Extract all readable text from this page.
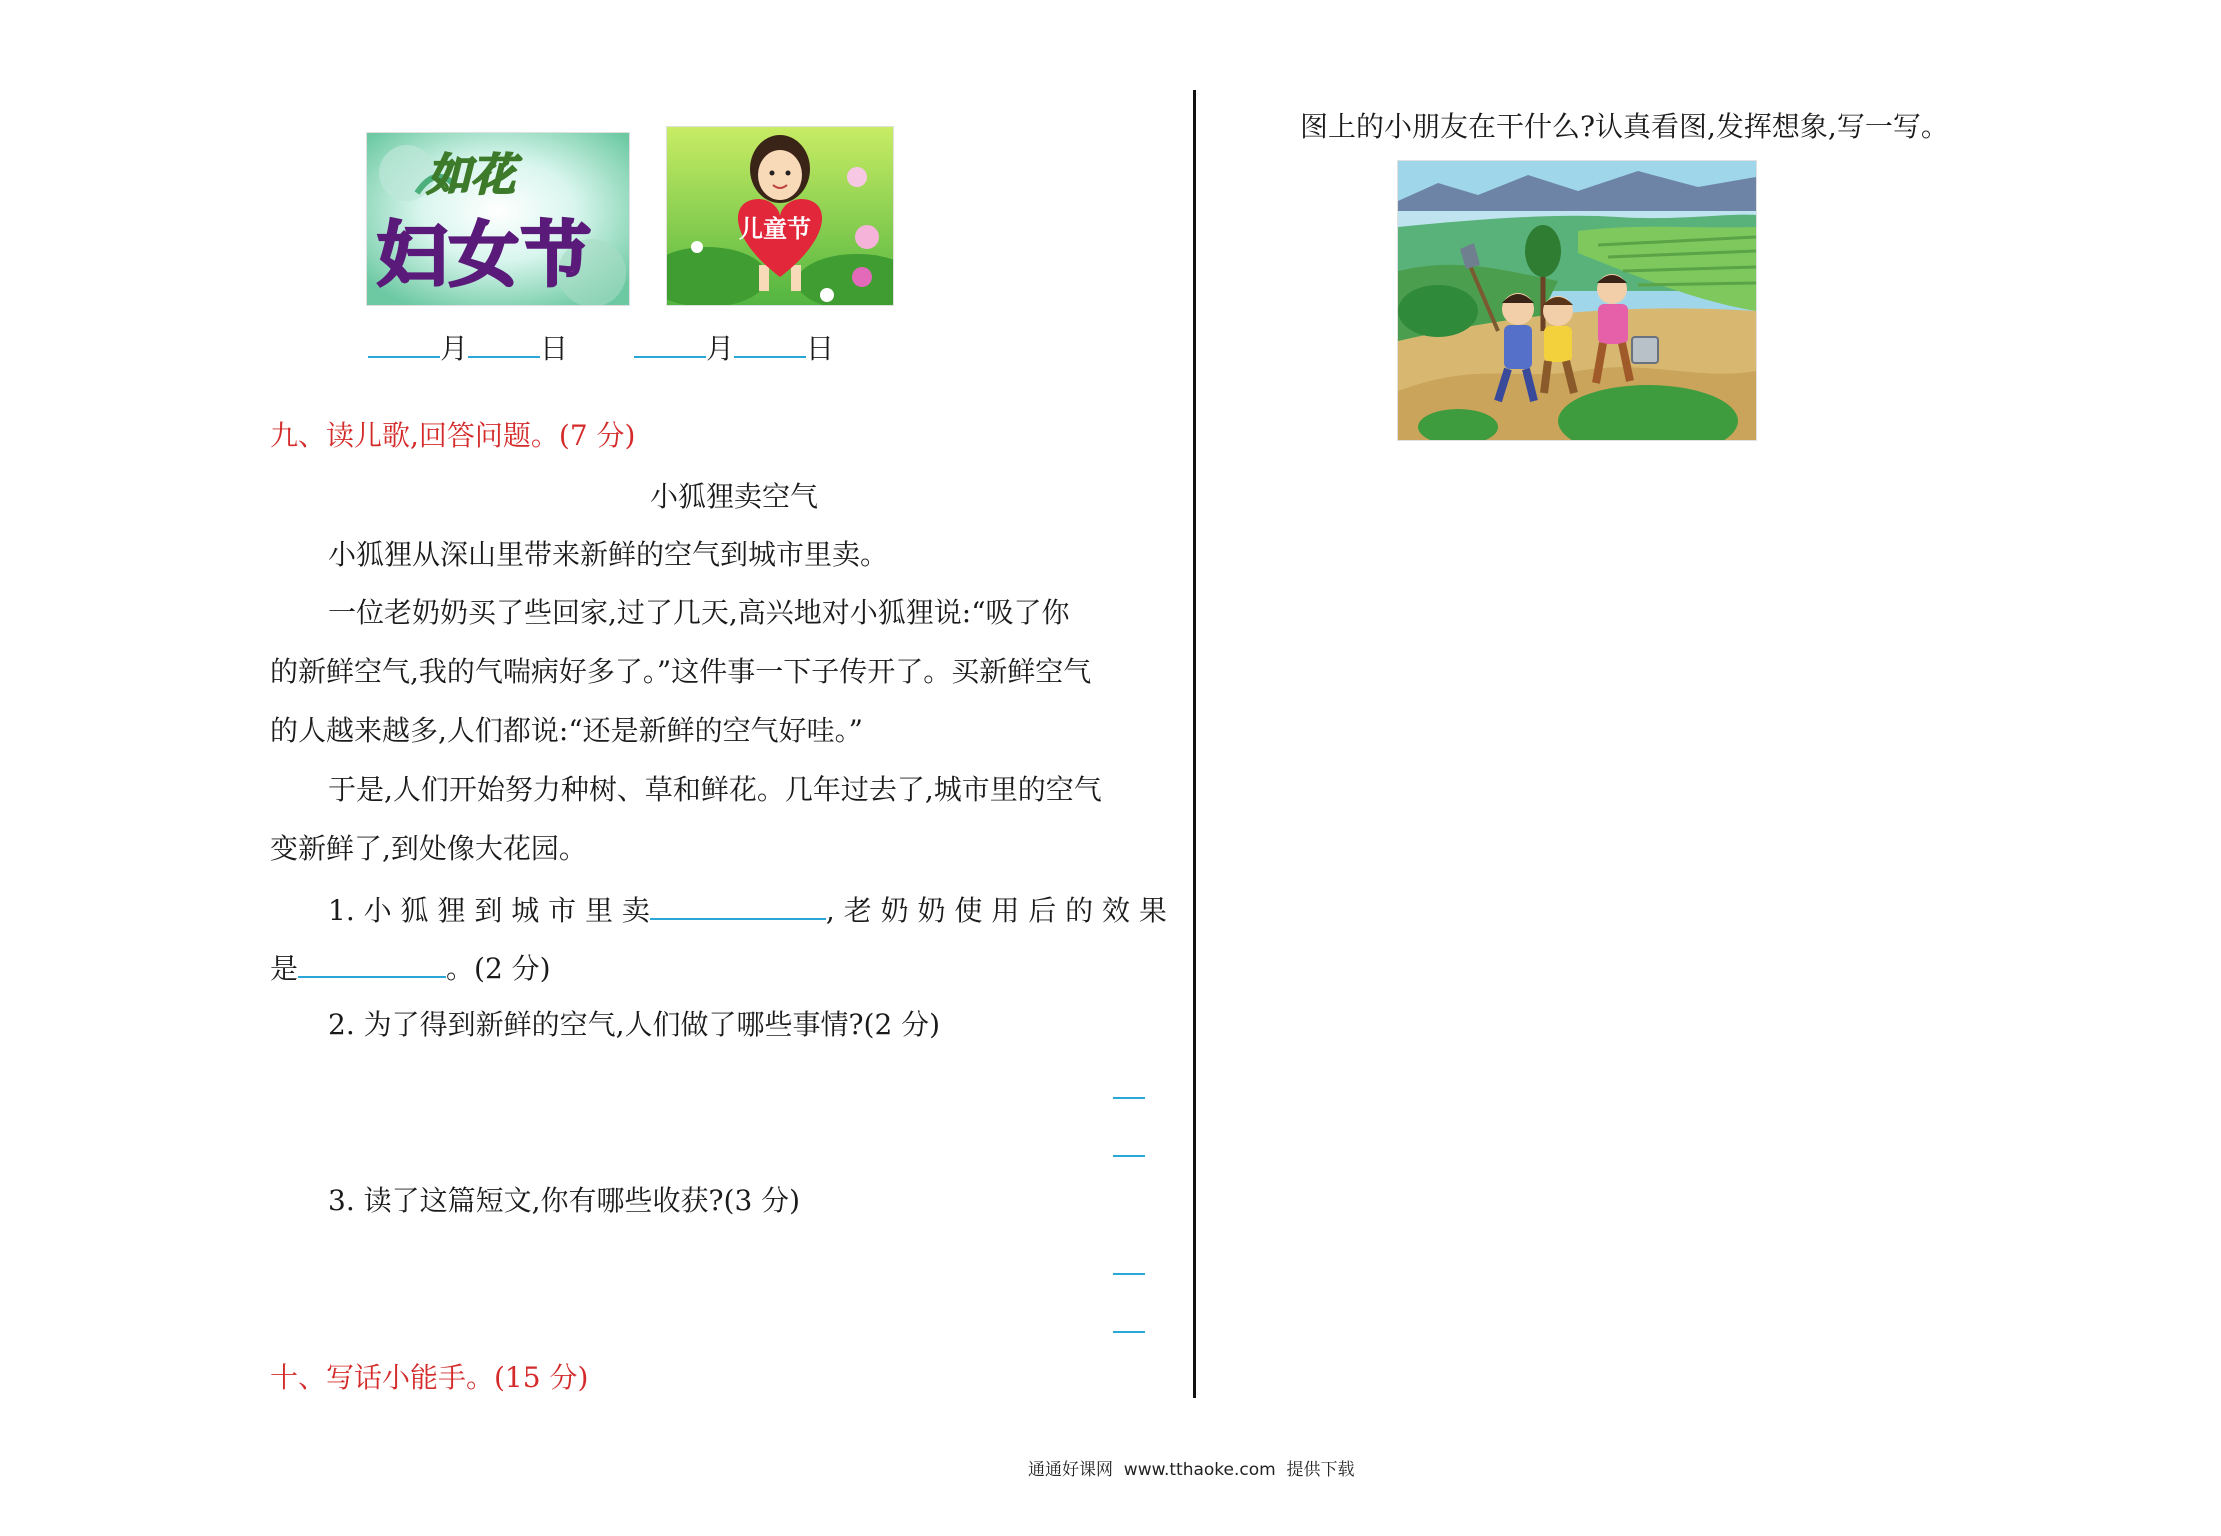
如花
妇女节	儿童节
月	日	月	日
九、读儿歌,回答问题。(7 分)
小狐狸卖空气
小狐狸从深山里带来新鲜的空气到城市里卖。
一位老奶奶买了些回家,过了几天,高兴地对小狐狸说:“吸了你
的新鲜空气,我的气喘病好多了。”这件事一下子传开了。买新鲜空气
的人越来越多,人们都说:“还是新鲜的空气好哇。”
于是,人们开始努力种树、草和鲜花。几年过去了,城市里的空气
变新鲜了,到处像大花园。
1. 小 狐 狸 到 城 市 里 卖	, 老 奶 奶 使 用 后 的 效 果
是	。(2 分)
2. 为了得到新鲜的空气,人们做了哪些事情?(2 分)
3. 读了这篇短文,你有哪些收获?(3 分)
十、写话小能手。(15 分)
图上的小朋友在干什么?认真看图,发挥想象,写一写。
通通好课网  www.tthaoke.com  提供下载
